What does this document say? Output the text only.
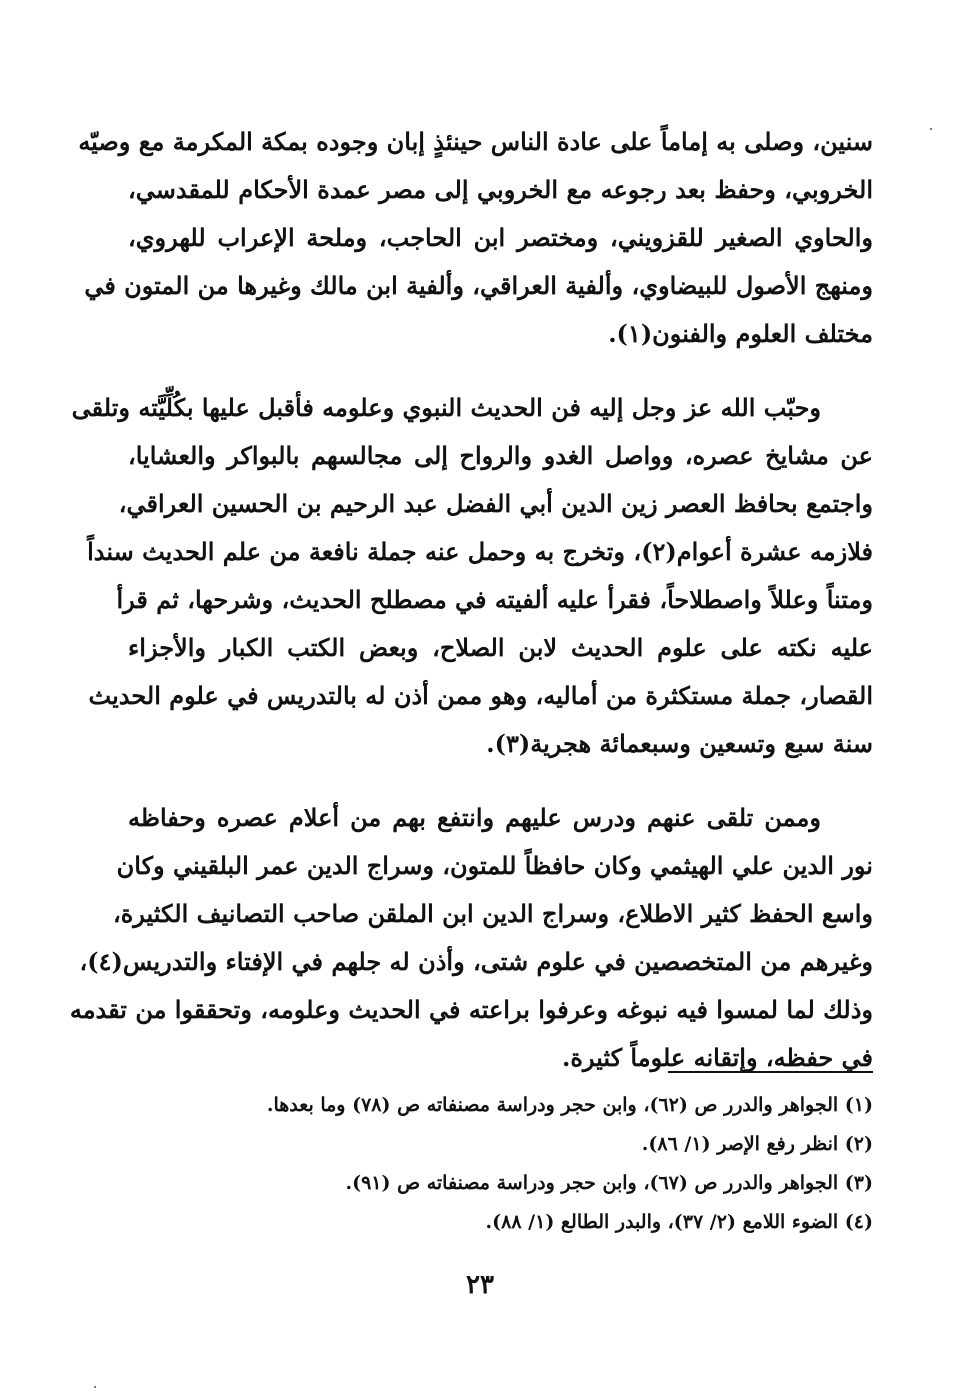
سنين، وصلى به إماماً على عادة الناس حينئذٍ إبان وجوده بمكة المكرمة مع وصيّه
الخروبي، وحفظ بعد رجوعه مع الخروبي إلى مصر عمدة الأحكام للمقدسي،
والحاوي الصغير للقزويني، ومختصر ابن الحاجب، وملحة الإعراب للهروي،
ومنهج الأصول للبيضاوي، وألفية العراقي، وألفية ابن مالك وغيرها من المتون في
مختلف العلوم والفنون(١).
وحبّب الله عز وجل إليه فن الحديث النبوي وعلومه فأقبل عليها بكُلِّيَّته وتلقى
عن مشايخ عصره، وواصل الغدو والرواح إلى مجالسهم بالبواكر والعشايا،
واجتمع بحافظ العصر زين الدين أبي الفضل عبد الرحيم بن الحسين العراقي،
فلازمه عشرة أعوام(٢)، وتخرج به وحمل عنه جملة نافعة من علم الحديث سنداً
ومتناً وعللاً واصطلاحاً، فقرأ عليه ألفيته في مصطلح الحديث، وشرحها، ثم قرأ
عليه نكته على علوم الحديث لابن الصلاح، وبعض الكتب الكبار والأجزاء
القصار، جملة مستكثرة من أماليه، وهو ممن أذن له بالتدريس في علوم الحديث
سنة سبع وتسعين وسبعمائة هجرية(٣).
وممن تلقى عنهم ودرس عليهم وانتفع بهم من أعلام عصره وحفاظه
نور الدين علي الهيثمي وكان حافظاً للمتون، وسراج الدين عمر البلقيني وكان
واسع الحفظ كثير الاطلاع، وسراج الدين ابن الملقن صاحب التصانيف الكثيرة،
وغيرهم من المتخصصين في علوم شتى، وأذن له جلهم في الإفتاء والتدريس(٤)،
وذلك لما لمسوا فيه نبوغه وعرفوا براعته في الحديث وعلومه، وتحققوا من تقدمه
في حفظه، وإتقانه علوماً كثيرة.
(١) الجواهر والدرر ص (٦٢)، وابن حجر ودراسة مصنفاته ص (٧٨) وما بعدها.
(٢) انظر رفع الإصر (١/ ٨٦).
(٣) الجواهر والدرر ص (٦٧)، وابن حجر ودراسة مصنفاته ص (٩١).
(٤) الضوء اللامع (٢/ ٣٧)، والبدر الطالع (١/ ٨٨).
٢٣
